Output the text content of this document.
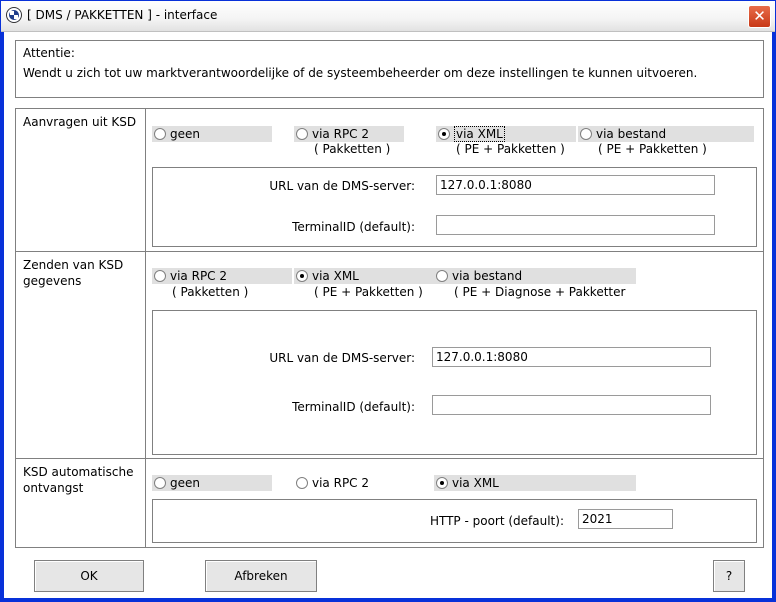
[ DMS / PAKKETTEN ] - interface	✕
Attentie:
Wendt u zich tot uw marktverantwoordelijke of de systeembeheerder om deze instellingen te kunnen uitvoeren.
Aanvragen uit KSD
geen	via RPC 2
( Pakketten )
via XML
( PE + Pakketten )
via bestand
( PE + Pakketten )
URL van de DMS-server:
127.0.0.1:8080
TerminalID (default):
Zenden van KSD gegevens	via RPC 2
( Pakketten )
via XML
( PE + Pakketten )
via bestand
( PE + Diagnose + Pakketter
URL van de DMS-server:
127.0.0.1:8080
TerminalID (default):
KSD automatische ontvangst	geen	via RPC 2	via XML
HTTP - poort (default):
2021
OK	Afbreken	?
